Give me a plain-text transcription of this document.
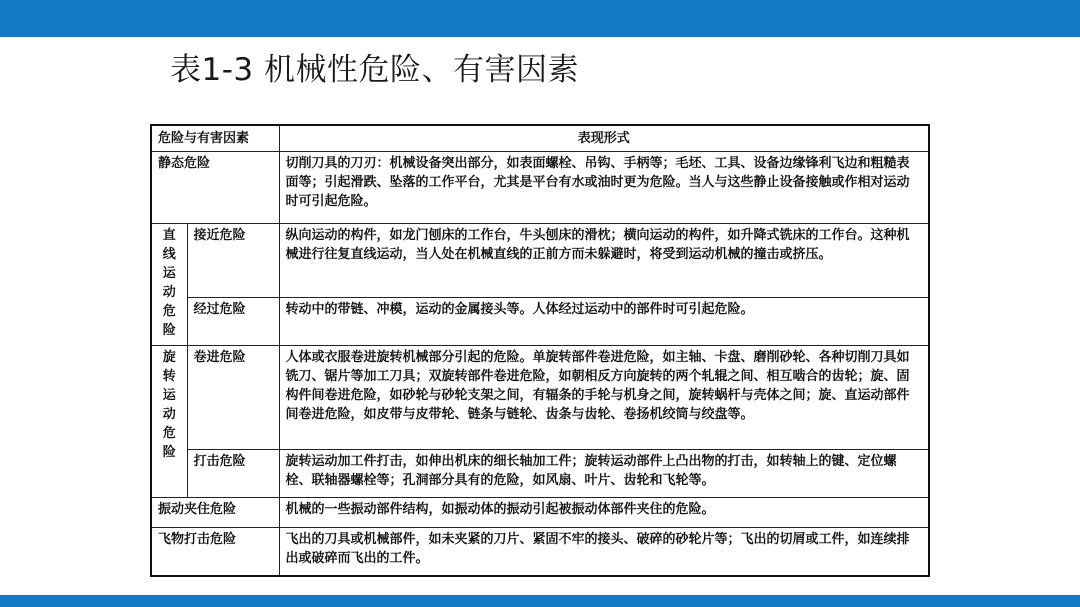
表1-3 机械性危险、有害因素
危险与有害因素		表现形式
静态危险		切削刀具的刀刃：机械设备突出部分，如表面螺栓、吊钩、手柄等；毛坯、工具、设备边缘锋利飞边和粗糙表面等；引起滑跌、坠落的工作平台，尤其是平台有水或油时更为危险。当人与这些静止设备接触或作相对运动时可引起危险。

直线运动危险	接近危险	纵向运动的构件，如龙门刨床的工作台，牛头刨床的滑枕；横向运动的构件，如升降式铣床的工作台。这种机械进行往复直线运动，当人处在机械直线的正前方而未躲避时，将受到运动机械的撞击或挤压。
	经过危险	转动中的带链、冲模，运动的金属接头等。人体经过运动中的部件时可引起危险。

旋转运动危险	卷进危险	人体或衣服卷进旋转机械部分引起的危险。单旋转部件卷进危险，如主轴、卡盘、磨削砂轮、各种切削刀具如铣刀、锯片等加工刀具；双旋转部件卷进危险，如朝相反方向旋转的两个轧辊之间、相互啮合的齿轮；旋、固构件间卷进危险，如砂轮与砂轮支架之间，有辐条的手轮与机身之间，旋转蜗杆与壳体之间；旋、直运动部件间卷进危险，如皮带与皮带轮、链条与链轮、齿条与齿轮、卷扬机绞筒与绞盘等。
	打击危险	旋转运动加工件打击，如伸出机床的细长轴加工件；旋转运动部件上凸出物的打击，如转轴上的键、定位螺栓、联轴器螺栓等；孔洞部分具有的危险，如风扇、叶片、齿轮和飞轮等。
振动夹住危险		机械的一些振动部件结构，如振动体的振动引起被振动体部件夹住的危险。
飞物打击危险		飞出的刀具或机械部件，如未夹紧的刀片、紧固不牢的接头、破碎的砂轮片等；飞出的切屑或工件，如连续排出或破碎而飞出的工件。
